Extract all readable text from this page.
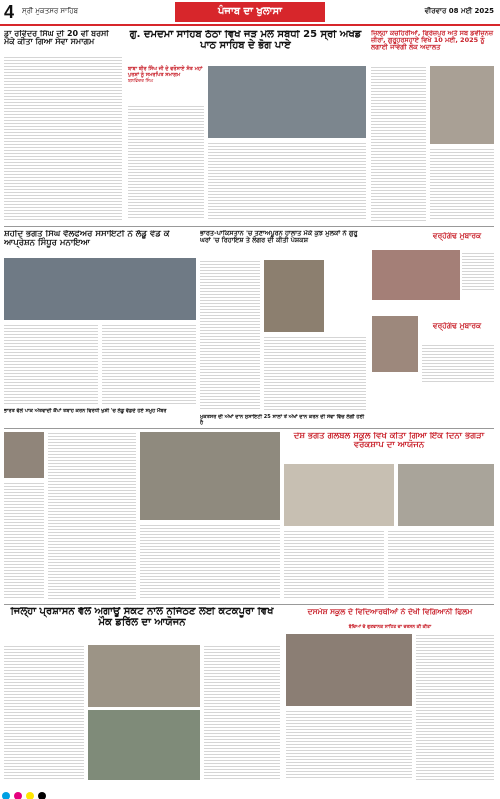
4 ਸ੍ਰੀ ਮੁਕਤਸਰ ਸਾਹਿਬ	ਪੰਜਾਬ ਦਾ ਖੁਲਾਸਾ	ਵੀਰਵਾਰ 08 ਮਈ 2025
ਡਾ ਰਵਿੰਦਰ ਸਿੰਘ ਦੀ 20 ਵੀਂ ਬਰਸੀ ਮੌਕੇ ਕੀਤਾ ਗਿਆ ਸੇਵਾ ਸਮਾਗਮ
ਗੁ. ਦਮਦਮਾ ਸਾਹਿਬ ਠੱਠਾ ਵਿਖੇ ਜੋੜ ਮੇਲੇ ਸਬੰਧੀ 25 ਸ੍ਰੀ ਅਖੰਡ ਪਾਠ ਸਾਹਿਬ ਦੇ ਭੋਗ ਪਾਏ
ਬਾਬਾ ਬੀਰ ਸਿੰਘ ਜੀ ਦੇ ਵਰੋਸਾਏ ਸੰਤ ਮਹਾਂ ਪੁਰਸ਼ਾਂ ਨੂੰ ਸਮਰਪਿਤ ਸਮਾਗਮ
ਬਲਵਿੰਦਰ ਸਿੰਘ
ਜ਼ਿਲ੍ਹਾ ਕਚਹਿਰੀਆਂ, ਫਿਰੋਜ਼ਪੁਰ ਅਤੇ ਸਬ ਡਵੀਜ਼ਨਜ਼ ਜ਼ੀਰਾ, ਗੁਰੂਹਰਸਹਾਏ ਵਿਖੇ 10 ਮਈ, 2025 ਨੂੰ ਲਗਾਈ ਜਾਵੇਗੀ ਲੋਕ ਅਦਾਲਤ
ਸ਼ਹੀਦ ਭਗਤ ਸਿੰਘ ਵੈਲਫੇਅਰ ਸੋਸਾਇਟੀ ਨੇ ਲੱਡੂ ਵੰਡ ਕੇ ਆਪ੍ਰੇਸ਼ਨ ਸਿੰਧੂਰ ਮਨਾਇਆ
ਭਾਰਤ ਵੱਲੋਂ ਪਾਕ ਅੱਤਵਾਦੀ ਕੈਂਪਾਂ ਤਬਾਹ ਕਰਨ ਵਿਰੋਧੀ ਖੁਸ਼ੀ 'ਚ ਲੱਡੂ ਵੰਡਦੇ ਹੋਏ ਸਮੂਹ ਮੈਂਬਰ
ਭਾਰਤ-ਪਾਕਿਸਤਾਨ 'ਚ ਤਣਾਅਪੂਰਨ ਹਾਲਾਤ ਮੌਕੇ ਕੁਝ ਮੁਲਕਾਂ ਨੇ ਗੁਰੂ ਘਰਾਂ 'ਚ ਰਿਹਾਇਸ਼ ਤੇ ਲੰਗਰ ਦੀ ਕੀਤੀ ਪੇਸ਼ਕਸ਼	ਵਰ੍ਹੇਗੰਢ ਮੁਬਾਰਕ
ਵਰ੍ਹੇਗੰਢ ਮੁਬਾਰਕ
ਮੁਕਤਸਰ ਦੀ ਅੱਖਾਂ ਦਾਨ ਸੁਸਾਇਟੀ 25 ਸਾਲਾਂ ਤੋਂ ਅੱਖਾਂ ਦਾਨ ਕਰਨ ਦੀ ਸੇਵਾ ਵਿੱਚ ਲੱਗੀ ਹੋਈ ਹੈ
ਦੇਸ਼ ਭਗਤ ਗਲੋਬਲ ਸਕੂਲ ਵਿਖੇ ਕੀਤਾ ਗਿਆ ਇੱਕ ਦਿਨਾ ਭੰਗੜਾ ਵਰਕਸ਼ਾਪ ਦਾ ਆਯੋਜਨ
ਜਿਲ੍ਹਾ ਪ੍ਰਸ਼ਾਸਨ ਵੱਲੋਂ ਅਗਾਊਂ ਸੰਕਟ ਨਾਲ ਨਜਿੱਠਣ ਲਈ ਕੋਟਕਪੂਰਾ ਵਿਖੇ ਮੌਕ ਡਰਿੱਲ ਦਾ ਆਯੋਜਨ
ਦਸਮੇਸ਼ ਸਕੂਲ ਦੇ ਵਿਦਿਆਰਥੀਆਂ ਨੇ ਦੇਖੀ ਵਿਗਿਆਨੀ ਫਿਲਮ
ਬੱਚਿਆਂ ਦੇ ਗੁਣਵਾਨਕ ਸਾਹਿਤ ਦਾ ਦਰਸਨ ਕੀ ਕੀਤਾ
